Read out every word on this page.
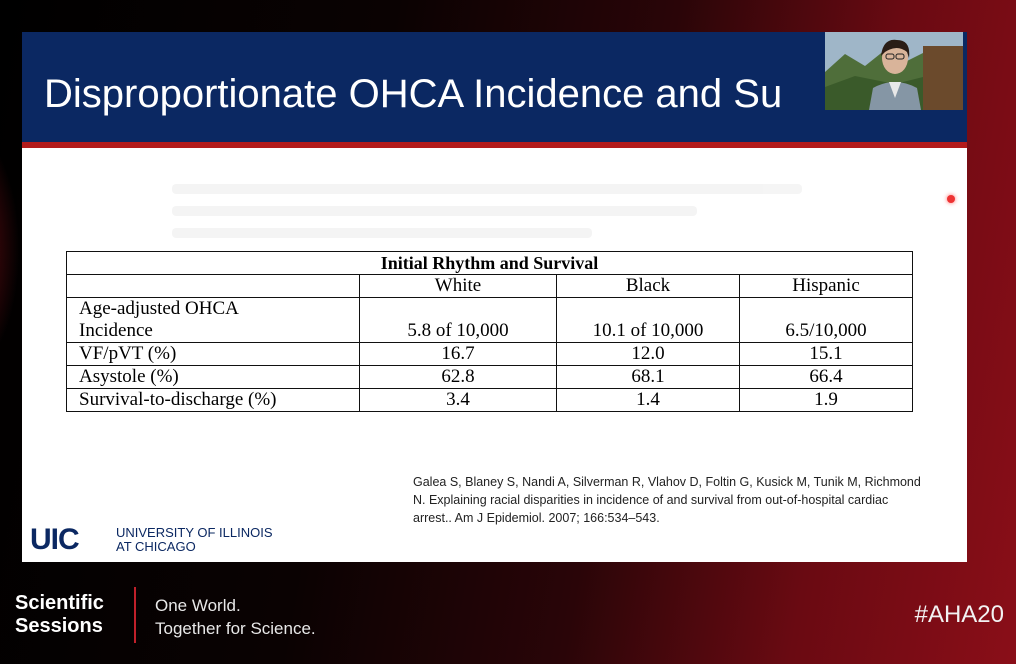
Disproportionate OHCA Incidence and Su
Initial Rhythm and Survival			
	White	Black	Hispanic
Age-adjusted OHCA
Incidence	5.8 of 10,000	10.1 of 10,000	6.5/10,000
VF/pVT (%)	16.7	12.0	15.1
Asystole (%)	62.8	68.1	66.4
Survival-to-discharge (%)	3.4	1.4	1.9
Galea S, Blaney S, Nandi A, Silverman R, Vlahov D, Foltin G, Kusick M, Tunik M, Richmond N. Explaining racial disparities in incidence of and survival from out-of-hospital cardiac arrest.. Am J Epidemiol. 2007; 166:534–543.
UIC	UNIVERSITY OF ILLINOIS
AT CHICAGO
Scientific
Sessions
One World.
Together for Science.
#AHA20
